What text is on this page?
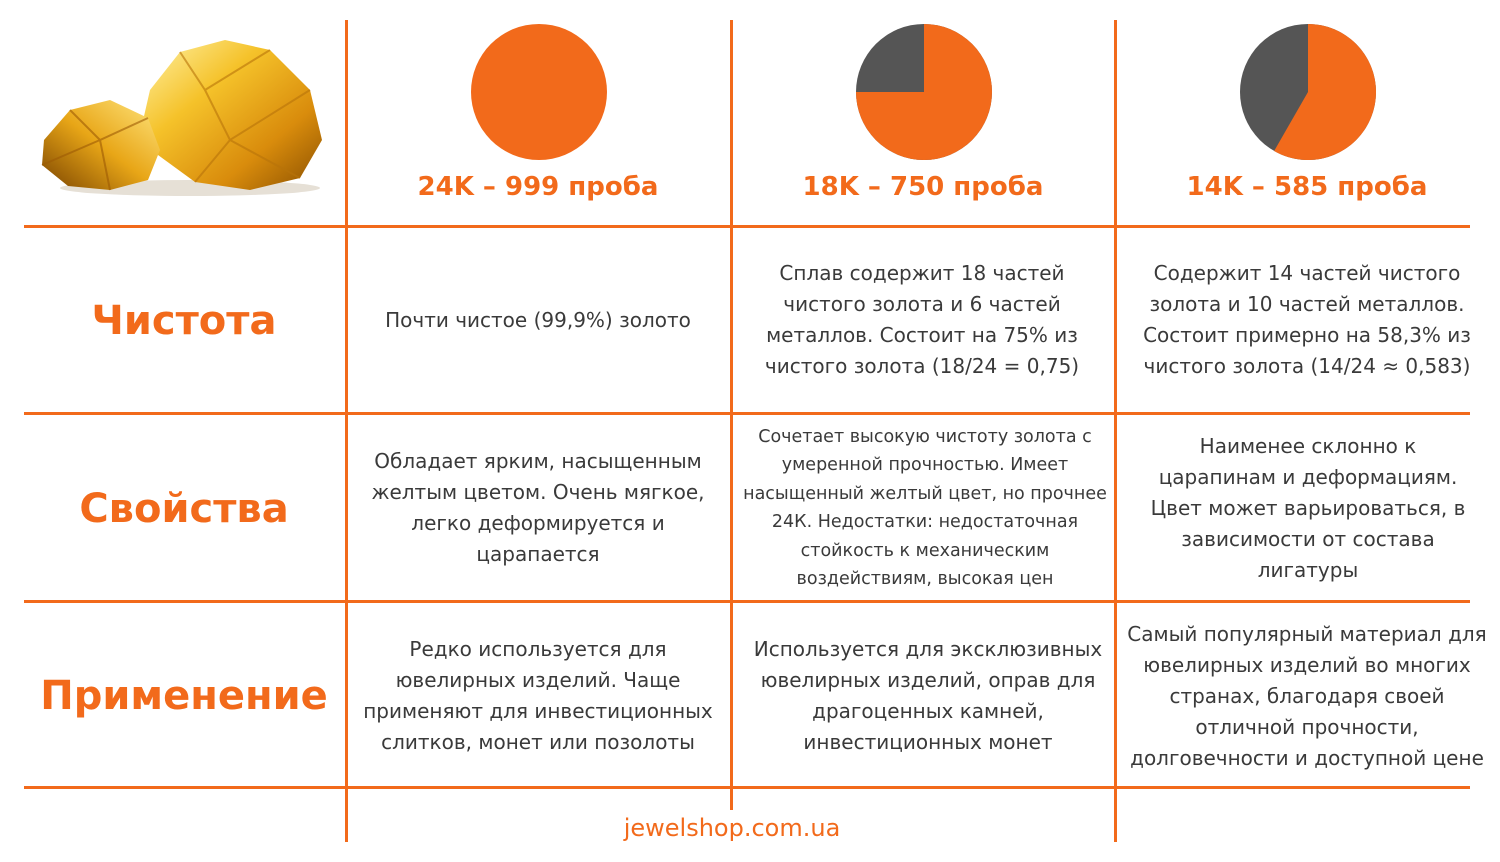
24K – 999 проба	18K – 750 проба	14K – 585 проба
Чистота
Свойства
Применение
Почти чистое (99,9%) золото
Сплав содержит 18 частей чистого золота и 6 частей металлов. Состоит на 75% из чистого золота (18/24 = 0,75)
Содержит 14 частей чистого золота и 10 частей металлов. Состоит примерно на 58,3% из чистого золота (14/24 ≈ 0,583)
Обладает ярким, насыщенным желтым цветом. Очень мягкое, легко деформируется и царапается
Сочетает высокую чистоту золота с умеренной прочностью. Имеет насыщенный желтый цвет, но прочнее 24К. Недостатки: недостаточная стойкость к механическим воздействиям, высокая цен
Наименее склонно к царапинам и деформациям. Цвет может варьироваться, в зависимости от состава лигатуры
Редко используется для ювелирных изделий. Чаще применяют для инвестиционных слитков, монет или позолоты
Используется для эксклюзивных ювелирных изделий, оправ для драгоценных камней, инвестиционных монет
Самый популярный материал для ювелирных изделий во многих странах, благодаря своей отличной прочности, долговечности и доступной цене
jewelshop.com.ua
